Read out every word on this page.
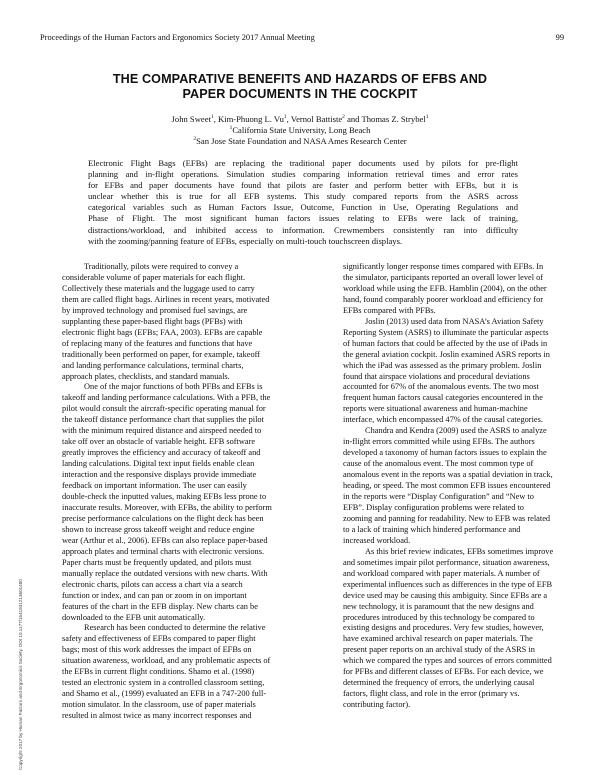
Proceedings of the Human Factors and Ergonomics Society 2017 Annual Meeting	99
THE COMPARATIVE BENEFITS AND HAZARDS OF EFBS AND
PAPER DOCUMENTS IN THE COCKPIT
John Sweet$^1$, Kim-Phuong L. Vu$^1$, Vernol Battiste$^2$ and Thomas Z. Strybel$^1$
$^1$California State University, Long Beach
$^2$San Jose State Foundation and NASA Ames Research Center
Electronic Flight Bags (EFBs) are replacing the traditional paper documents used by pilots for pre-flight
planning and in-flight operations. Simulation studies comparing information retrieval times and error rates
for EFBs and paper documents have found that pilots are faster and perform better with EFBs, but it is
unclear whether this is true for all EFB systems. This study compared reports from the ASRS across
categorical variables such as Human Factors Issue, Outcome, Function in Use, Operating Regulations and
Phase of Flight. The most significant human factors issues relating to EFBs were lack of training,
distractions/workload, and inhibited access to information. Crewmembers consistently ran into difficulty
with the zooming/panning feature of EFBs, especially on multi-touch touchscreen displays.
Traditionally, pilots were required to convey a
considerable volume of paper materials for each flight.
Collectively these materials and the luggage used to carry
them are called flight bags. Airlines in recent years, motivated
by improved technology and promised fuel savings, are
supplanting these paper-based flight bags (PFBs) with
electronic flight bags (EFBs; FAA, 2003). EFBs are capable
of replacing many of the features and functions that have
traditionally been performed on paper, for example, takeoff
and landing performance calculations, terminal charts,
approach plates, checklists, and standard manuals.
One of the major functions of both PFBs and EFBs is
takeoff and landing performance calculations. With a PFB, the
pilot would consult the aircraft-specific operating manual for
the takeoff distance performance chart that supplies the pilot
with the minimum required distance and airspeed needed to
take off over an obstacle of variable height. EFB software
greatly improves the efficiency and accuracy of takeoff and
landing calculations. Digital text input fields enable clean
interaction and the responsive displays provide immediate
feedback on important information. The user can easily
double-check the inputted values, making EFBs less prone to
inaccurate results. Moreover, with EFBs, the ability to perform
precise performance calculations on the flight deck has been
shown to increase gross takeoff weight and reduce engine
wear (Arthur et al., 2006). EFBs can also replace paper-based
approach plates and terminal charts with electronic versions.
Paper charts must be frequently updated, and pilots must
manually replace the outdated versions with new charts. With
electronic charts, pilots can access a chart via a search
function or index, and can pan or zoom in on important
features of the chart in the EFB display. New charts can be
downloaded to the EFB unit automatically.
Research has been conducted to determine the relative
safety and effectiveness of EFBs compared to paper flight
bags; most of this work addresses the impact of EFBs on
situation awareness, workload, and any problematic aspects of
the EFBs in current flight conditions. Shamo et al. (1998)
tested an electronic system in a controlled classroom setting,
and Shamo et al., (1999) evaluated an EFB in a 747-200 full-
motion simulator. In the classroom, use of paper materials
resulted in almost twice as many incorrect responses and
significantly longer response times compared with EFBs. In
the simulator, participants reported an overall lower level of
workload while using the EFB. Hamblin (2004), on the other
hand, found comparably poorer workload and efficiency for
EFBs compared with PFBs.
Joslin (2013) used data from NASA’s Aviation Safety
Reporting System (ASRS) to illuminate the particular aspects
of human factors that could be affected by the use of iPads in
the general aviation cockpit. Joslin examined ASRS reports in
which the iPad was assessed as the primary problem. Joslin
found that airspace violations and procedural deviations
accounted for 67% of the anomalous events. The two most
frequent human factors causal categories encountered in the
reports were situational awareness and human-machine
interface, which encompassed 47% of the causal categories.
Chandra and Kendra (2009) used the ASRS to analyze
in-flight errors committed while using EFBs. The authors
developed a taxonomy of human factors issues to explain the
cause of the anomalous event. The most common type of
anomalous event in the reports was a spatial deviation in track,
heading, or speed. The most common EFB issues encountered
in the reports were “Display Configuration” and “New to
EFB”. Display configuration problems were related to
zooming and panning for readability. New to EFB was related
to a lack of training which hindered performance and
increased workload.
As this brief review indicates, EFBs sometimes improve
and sometimes impair pilot performance, situation awareness,
and workload compared with paper materials. A number of
experimental influences such as differences in the type of EFB
device used may be causing this ambiguity. Since EFBs are a
new technology, it is paramount that the new designs and
procedures introduced by this technology be compared to
existing designs and procedures. Very few studies, however,
have examined archival research on paper materials. The
present paper reports on an archival study of the ASRS in
which we compared the types and sources of errors committed
for PFBs and different classes of EFBs. For each device, we
determined the frequency of errors, the underlying causal
factors, flight class, and role in the error (primary vs.
contributing factor).
Copyright 2017 by Human Factors and Ergonomics Society. DOI 10.1177/1541931213601480
